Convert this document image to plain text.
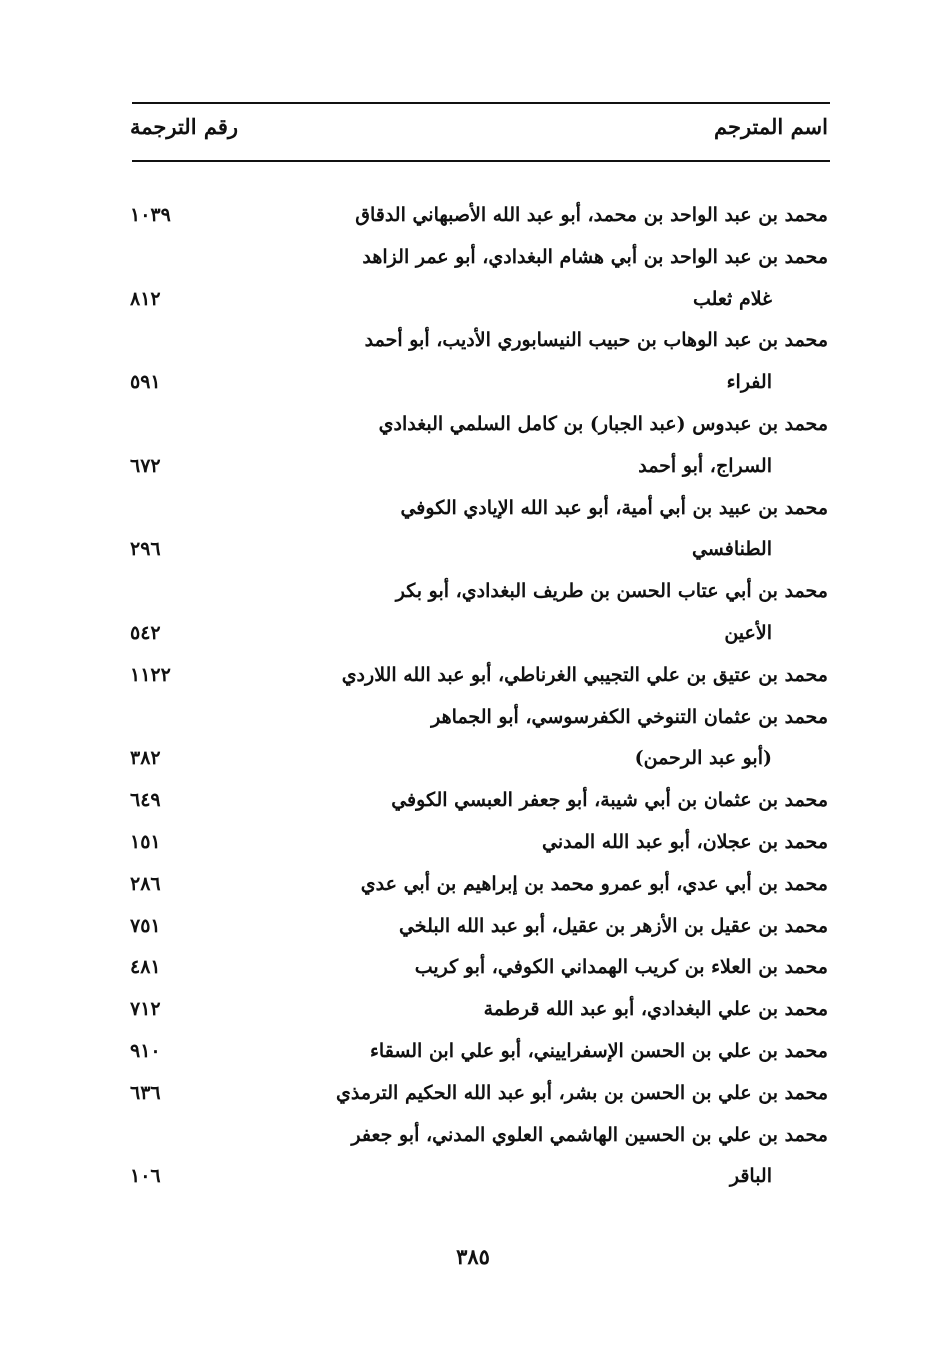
اسم المترجم
رقم الترجمة
محمد بن عبد الواحد بن محمد، أبو عبد الله الأصبهاني الدقاق
١٠٣٩
محمد بن عبد الواحد بن أبي هشام البغدادي، أبو عمر الزاهد
غلام ثعلب
٨١٢
محمد بن عبد الوهاب بن حبيب النيسابوري الأديب، أبو أحمد
الفراء
٥٩١
محمد بن عبدوس (عبد الجبار) بن كامل السلمي البغدادي
السراج، أبو أحمد
٦٧٢
محمد بن عبيد بن أبي أمية، أبو عبد الله الإيادي الكوفي
الطنافسي
٢٩٦
محمد بن أبي عتاب الحسن بن طريف البغدادي، أبو بكر
الأعين
٥٤٢
محمد بن عتيق بن علي التجيبي الغرناطي، أبو عبد الله اللاردي
١١٢٢
محمد بن عثمان التنوخي الكفرسوسي، أبو الجماهر
(أبو عبد الرحمن)
٣٨٢
محمد بن عثمان بن أبي شيبة، أبو جعفر العبسي الكوفي
٦٤٩
محمد بن عجلان، أبو عبد الله المدني
١٥١
محمد بن أبي عدي، أبو عمرو محمد بن إبراهيم بن أبي عدي
٢٨٦
محمد بن عقيل بن الأزهر بن عقيل، أبو عبد الله البلخي
٧٥١
محمد بن العلاء بن كريب الهمداني الكوفي، أبو كريب
٤٨١
محمد بن علي البغدادي، أبو عبد الله قرطمة
٧١٢
محمد بن علي بن الحسن الإسفراييني، أبو علي ابن السقاء
٩١٠
محمد بن علي بن الحسن بن بشر، أبو عبد الله الحكيم الترمذي
٦٣٦
محمد بن علي بن الحسين الهاشمي العلوي المدني، أبو جعفر
الباقر
١٠٦
٣٨٥
